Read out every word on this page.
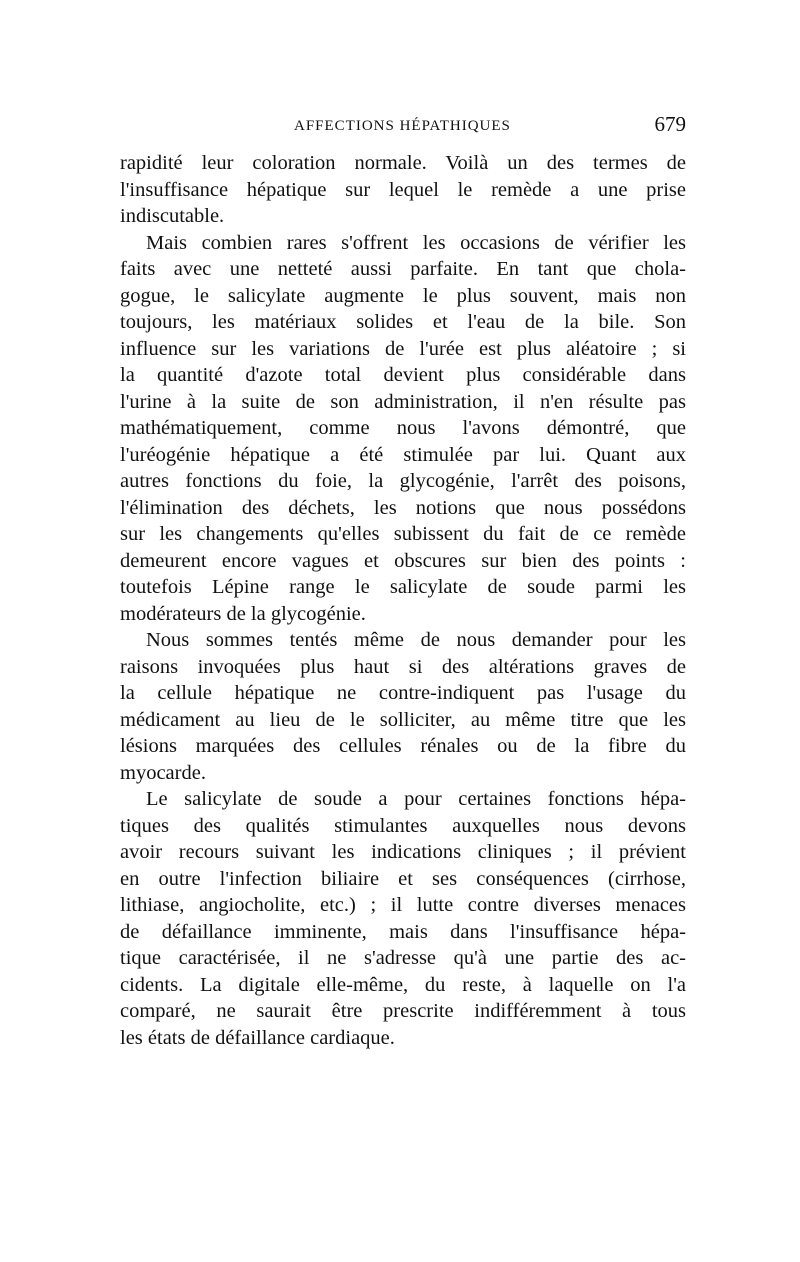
AFFECTIONS HÉPATHIQUES	679
rapidité leur coloration normale. Voilà un des termes de
l'insuffisance hépatique sur lequel le remède a une prise
indiscutable.
Mais combien rares s'offrent les occasions de vérifier les
faits avec une netteté aussi parfaite. En tant que chola-
gogue, le salicylate augmente le plus souvent, mais non
toujours, les matériaux solides et l'eau de la bile. Son
influence sur les variations de l'urée est plus aléatoire ; si
la quantité d'azote total devient plus considérable dans
l'urine à la suite de son administration, il n'en résulte pas
mathématiquement, comme nous l'avons démontré, que
l'uréogénie hépatique a été stimulée par lui. Quant aux
autres fonctions du foie, la glycogénie, l'arrêt des poisons,
l'élimination des déchets, les notions que nous possédons
sur les changements qu'elles subissent du fait de ce remède
demeurent encore vagues et obscures sur bien des points :
toutefois Lépine range le salicylate de soude parmi les
modérateurs de la glycogénie.
Nous sommes tentés même de nous demander pour les
raisons invoquées plus haut si des altérations graves de
la cellule hépatique ne contre-indiquent pas l'usage du
médicament au lieu de le solliciter, au même titre que les
lésions marquées des cellules rénales ou de la fibre du
myocarde.
Le salicylate de soude a pour certaines fonctions hépa-
tiques des qualités stimulantes auxquelles nous devons
avoir recours suivant les indications cliniques ; il prévient
en outre l'infection biliaire et ses conséquences (cirrhose,
lithiase, angiocholite, etc.) ; il lutte contre diverses menaces
de défaillance imminente, mais dans l'insuffisance hépa-
tique caractérisée, il ne s'adresse qu'à une partie des ac-
cidents. La digitale elle-même, du reste, à laquelle on l'a
comparé, ne saurait être prescrite indifféremment à tous
les états de défaillance cardiaque.
